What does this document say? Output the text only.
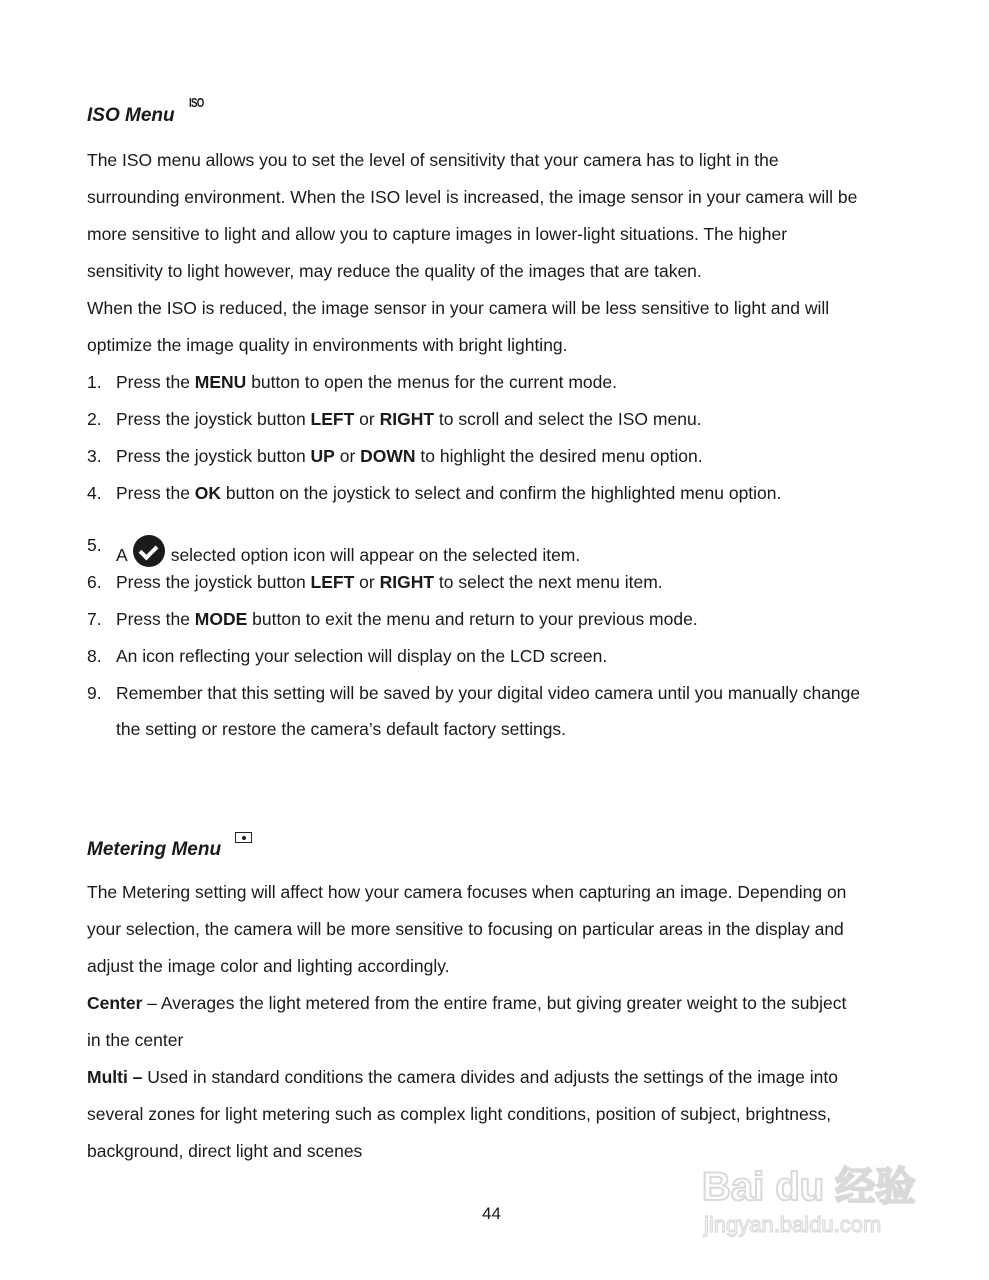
ISO Menu
ISO
The ISO menu allows you to set the level of sensitivity that your camera has to light in the
surrounding environment. When the ISO level is increased, the image sensor in your camera will be
more sensitive to light and allow you to capture images in lower-light situations. The higher
sensitivity to light however, may reduce the quality of the images that are taken.
When the ISO is reduced, the image sensor in your camera will be less sensitive to light and will
optimize the image quality in environments with bright lighting.
1. Press the MENU button to open the menus for the current mode.
2. Press the joystick button LEFT or RIGHT to scroll and select the ISO menu.
3. Press the joystick button UP or DOWN to highlight the desired menu option.
4. Press the OK button on the joystick to select and confirm the highlighted menu option.
5. A selected option icon will appear on the selected item.
6. Press the joystick button LEFT or RIGHT to select the next menu item.
7. Press the MODE button to exit the menu and return to your previous mode.
8. An icon reflecting your selection will display on the LCD screen.
9. Remember that this setting will be saved by your digital video camera until you manually change
the setting or restore the camera’s default factory settings.
Metering Menu
The Metering setting will affect how your camera focuses when capturing an image. Depending on
your selection, the camera will be more sensitive to focusing on particular areas in the display and
adjust the image color and lighting accordingly.
Center – Averages the light metered from the entire frame, but giving greater weight to the subject
in the center
Multi – Used in standard conditions the camera divides and adjusts the settings of the image into
several zones for light metering such as complex light conditions, position of subject, brightness,
background, direct light and scenes
44
Bai du 经验
jingyan.baidu.com
